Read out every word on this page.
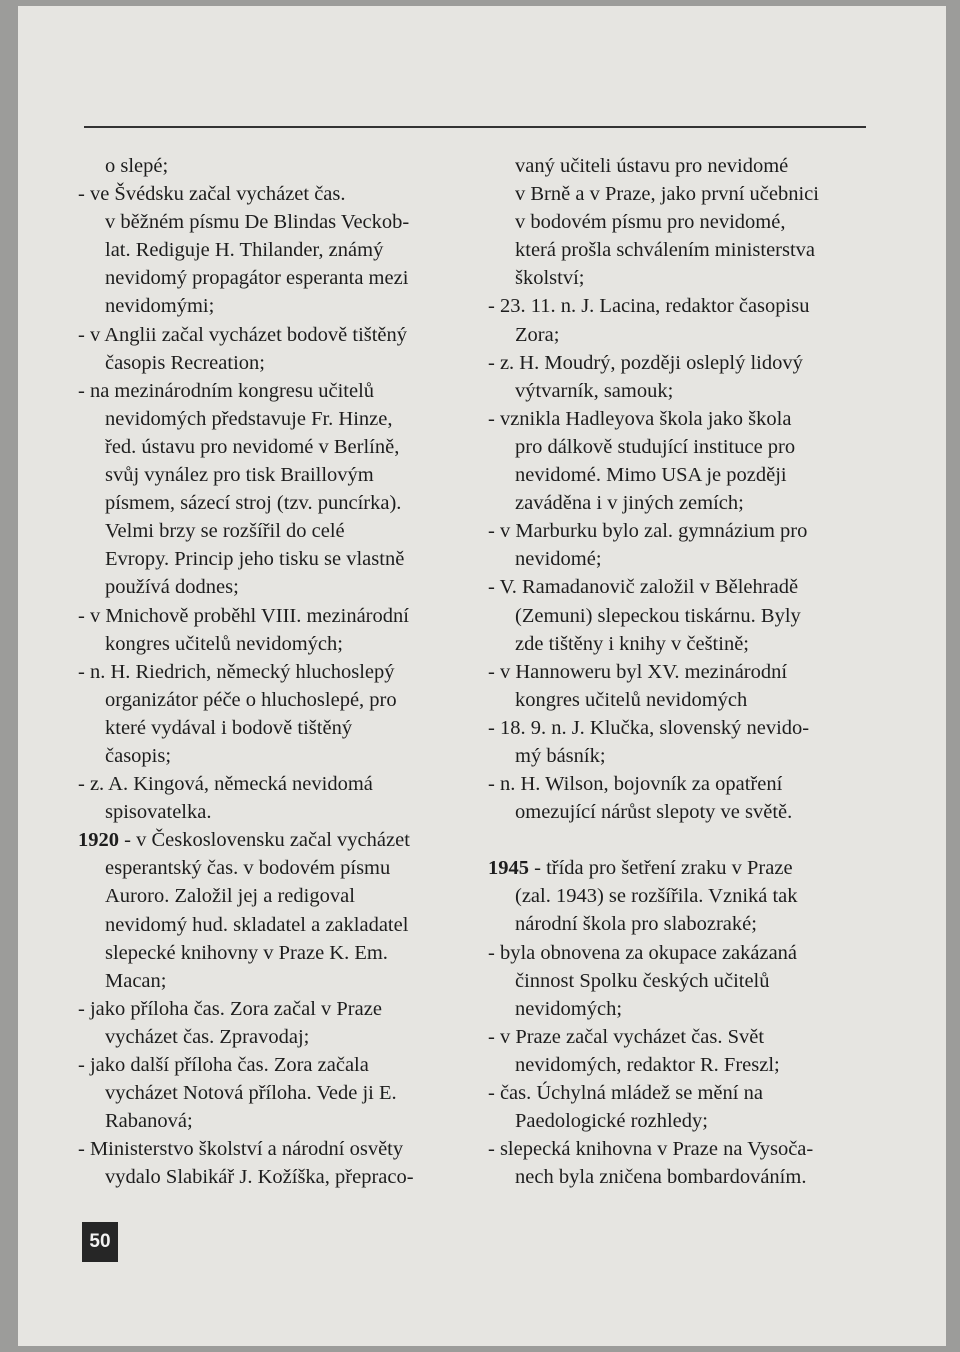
o slepé;
- ve Švédsku začal vycházet čas.
v běžném písmu De Blindas Veckob-
lat. Rediguje H. Thilander, známý
nevidomý propagátor esperanta mezi
nevidomými;
- v Anglii začal vycházet bodově tištěný
časopis Recreation;
- na mezinárodním kongresu učitelů
nevidomých představuje Fr. Hinze,
řed. ústavu pro nevidomé v Berlíně,
svůj vynález pro tisk Braillovým
písmem, sázecí stroj (tzv. puncírka).
Velmi brzy se rozšířil do celé
Evropy. Princip jeho tisku se vlastně
používá dodnes;
- v Mnichově proběhl VIII. mezinárodní
kongres učitelů nevidomých;
- n. H. Riedrich, německý hluchoslepý
organizátor péče o hluchoslepé, pro
které vydával i bodově tištěný
časopis;
- z. A. Kingová, německá nevidomá
spisovatelka.
1920 - v Československu začal vycházet
esperantský čas. v bodovém písmu
Auroro. Založil jej a redigoval
nevidomý hud. skladatel a zakladatel
slepecké knihovny v Praze K. Em.
Macan;
- jako příloha čas. Zora začal v Praze
vycházet čas. Zpravodaj;
- jako další příloha čas. Zora začala
vycházet Notová příloha. Vede ji E.
Rabanová;
- Ministerstvo školství a národní osvěty
vydalo Slabikář J. Kožíška, přepraco-
vaný učiteli ústavu pro nevidomé
v Brně a v Praze, jako první učebnici
v bodovém písmu pro nevidomé,
která prošla schválením ministerstva
školství;
- 23. 11. n. J. Lacina, redaktor časopisu
Zora;
- z. H. Moudrý, později osleplý lidový
výtvarník, samouk;
- vznikla Hadleyova škola jako škola
pro dálkově studující instituce pro
nevidomé. Mimo USA je později
zaváděna i v jiných zemích;
- v Marburku bylo zal. gymnázium pro
nevidomé;
- V. Ramadanovič založil v Bělehradě
(Zemuni) slepeckou tiskárnu. Byly
zde tištěny i knihy v češtině;
- v Hannoweru byl XV. mezinárodní
kongres učitelů nevidomých
- 18. 9. n. J. Klučka, slovenský nevido-
mý básník;
- n. H. Wilson, bojovník za opatření
omezující nárůst slepoty ve světě.
1945 - třída pro šetření zraku v Praze
(zal. 1943) se rozšířila. Vzniká tak
národní škola pro slabozraké;
- byla obnovena za okupace zakázaná
činnost Spolku českých učitelů
nevidomých;
- v Praze začal vycházet čas. Svět
nevidomých, redaktor R. Freszl;
- čas. Úchylná mládež se mění na
Paedologické rozhledy;
- slepecká knihovna v Praze na Vysoča-
nech byla zničena bombardováním.
50
